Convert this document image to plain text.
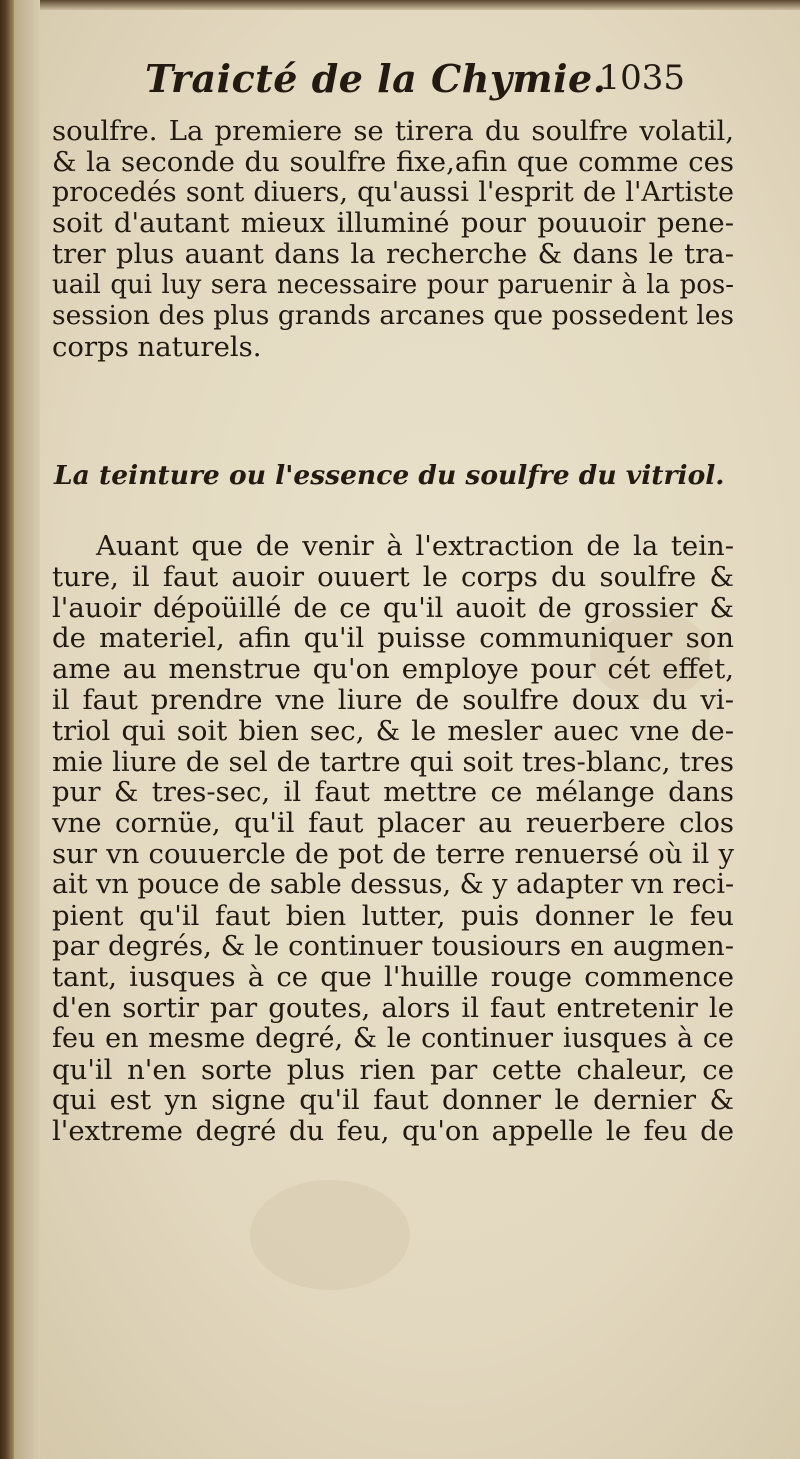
Traicté de la Chymie.
1035
soulfre. La premiere se tirera du soulfre volatil,
& la seconde du soulfre fixe,afin que comme ces
procedés sont diuers, qu'aussi l'esprit de l'Artiste
soit d'autant mieux illuminé pour pouuoir pene-
trer plus auant dans la recherche & dans le tra-
uail qui luy sera necessaire pour paruenir à la pos-
session des plus grands arcanes que possedent les
corps naturels.
La teinture ou l'essence du soulfre du vitriol.
Auant que de venir à l'extraction de la tein-
ture, il faut auoir ouuert le corps du soulfre &
l'auoir dépoüillé de ce qu'il auoit de grossier &
de materiel, afin qu'il puisse communiquer son
ame au menstrue qu'on employe pour cét effet,
il faut prendre vne liure de soulfre doux du vi-
triol qui soit bien sec, & le mesler auec vne de-
mie liure de sel de tartre qui soit tres-blanc, tres
pur & tres-sec, il faut mettre ce mélange dans
vne cornüe, qu'il faut placer au reuerbere clos
sur vn couuercle de pot de terre renuersé où il y
ait vn pouce de sable dessus, & y adapter vn reci-
pient qu'il faut bien lutter, puis donner le feu
par degrés, & le continuer tousiours en augmen-
tant, iusques à ce que l'huille rouge commence
d'en sortir par goutes, alors il faut entretenir le
feu en mesme degré, & le continuer iusques à ce
qu'il n'en sorte plus rien par cette chaleur, ce
qui est yn signe qu'il faut donner le dernier &
l'extreme degré du feu, qu'on appelle le feu de
